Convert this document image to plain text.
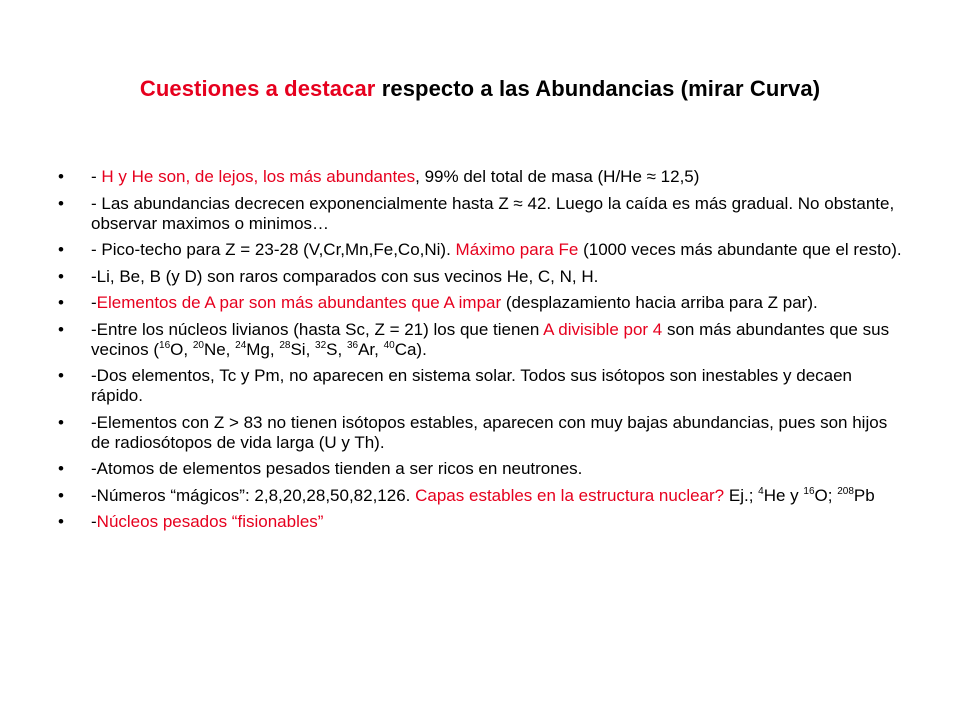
Cuestiones a destacar respecto a las Abundancias (mirar Curva)
• - H y He son, de lejos, los más abundantes, 99% del total de masa (H/He ≈ 12,5)
• - Las abundancias decrecen exponencialmente hasta Z ≈ 42. Luego la caída es más gradual. No obstante, observar maximos o minimos…
• - Pico-techo para Z = 23-28 (V,Cr,Mn,Fe,Co,Ni). Máximo para Fe (1000 veces más abundante que el resto).
• -Li, Be, B (y D) son raros comparados con sus vecinos He, C, N, H.
• -Elementos de A par son más abundantes que A impar (desplazamiento hacia arriba para Z par).
• -Entre los núcleos livianos (hasta Sc, Z = 21) los que tienen A divisible por 4 son más abundantes que sus vecinos ($^{16}$O, $^{20}$Ne, $^{24}$Mg, $^{28}$Si, $^{32}$S, $^{36}$Ar, $^{40}$Ca).
• -Dos elementos, Tc y Pm, no aparecen en sistema solar. Todos sus isótopos son inestables y decaen rápido.
• -Elementos con Z > 83 no tienen isótopos estables, aparecen con muy bajas abundancias, pues son hijos de radiosótopos de vida larga (U y Th).
• -Atomos de elementos pesados tienden a ser ricos en neutrones.
• -Números “mágicos”: 2,8,20,28,50,82,126. Capas estables en la estructura nuclear? Ej.; $^4$He y $^{16}$O; $^{208}$Pb
• -Núcleos pesados “fisionables”
